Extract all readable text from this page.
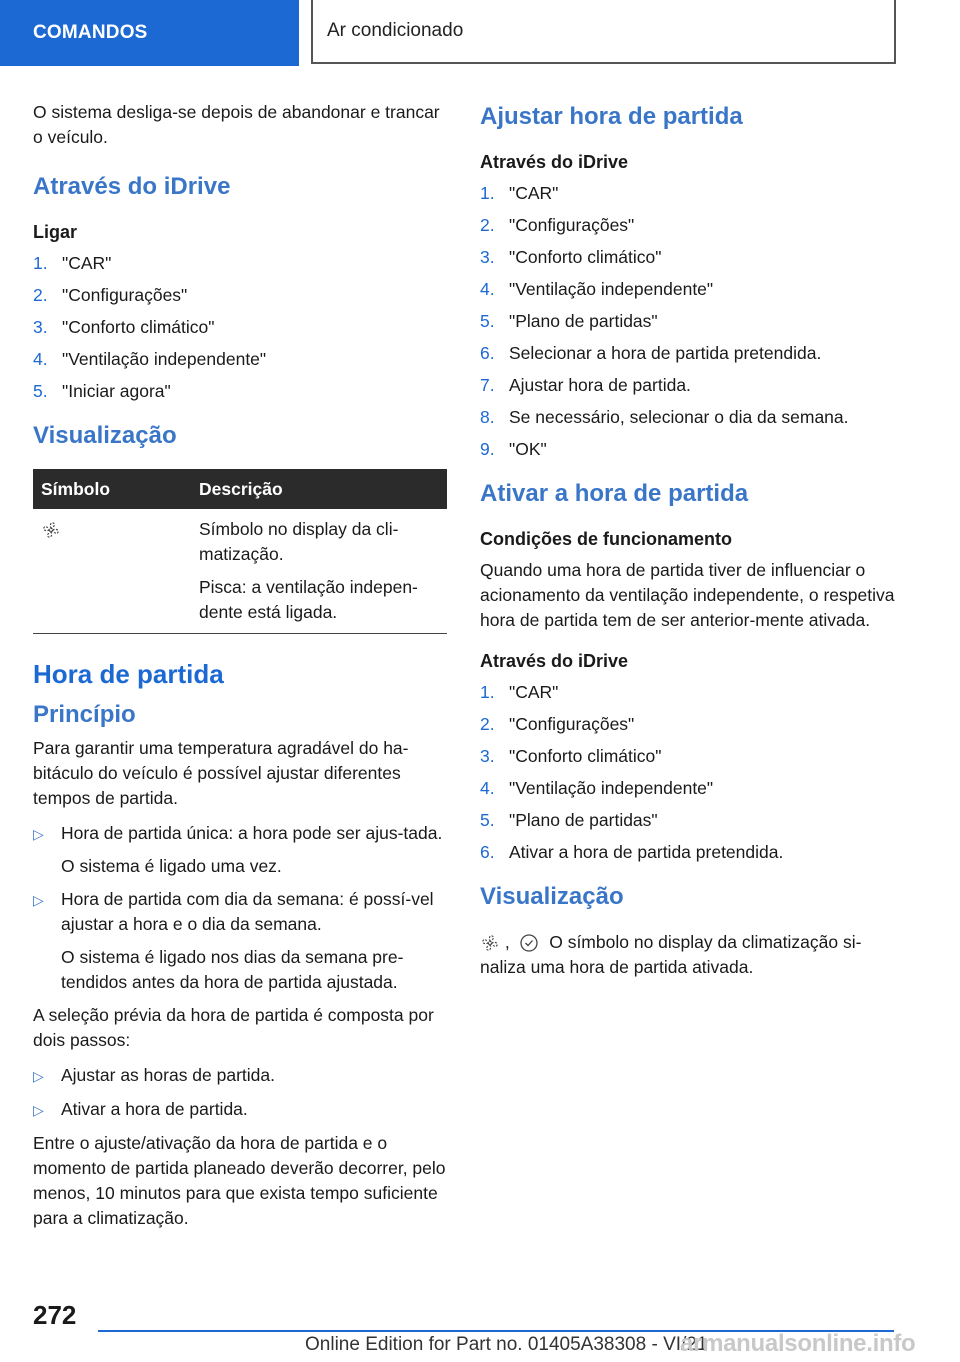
COMANDOS	Ar condicionado

O sistema desliga-se depois de abandonar e trancar o veículo.

Através do iDrive
Ligar
1. "CAR"
2. "Configurações"
3. "Conforto climático"
4. "Ventilação independente"
5. "Iniciar agora"
Visualização
Símbolo	Descrição

Símbolo no display da cli-matização.

Pisca: a ventilação indepen-dente está ligada.

Hora de partida
Princípio

Para garantir uma temperatura agradável do ha-bitáculo do veículo é possível ajustar diferentes tempos de partida.

▷ Hora de partida única: a hora pode ser ajus-tada.
O sistema é ligado uma vez.
▷ Hora de partida com dia da semana: é possí-vel ajustar a hora e o dia da semana.
O sistema é ligado nos dias da semana pre-tendidos antes da hora de partida ajustada.

A seleção prévia da hora de partida é composta por dois passos:

▷ Ajustar as horas de partida.
▷ Ativar a hora de partida.

Entre o ajuste/ativação da hora de partida e o momento de partida planeado deverão decorrer, pelo menos, 10 minutos para que exista tempo suficiente para a climatização.

Ajustar hora de partida
Através do iDrive
1. "CAR"
2. "Configurações"
3. "Conforto climático"
4. "Ventilação independente"
5. "Plano de partidas"
6. Selecionar a hora de partida pretendida.
7. Ajustar hora de partida.
8. Se necessário, selecionar o dia da semana.
9. "OK"
Ativar a hora de partida
Condições de funcionamento

Quando uma hora de partida tiver de influenciar o acionamento da ventilação independente, o respetiva hora de partida tem de ser anterior-mente ativada.

Através do iDrive
1. "CAR"
2. "Configurações"
3. "Conforto climático"
4. "Ventilação independente"
5. "Plano de partidas"
6. Ativar a hora de partida pretendida.
Visualização

, O símbolo no display da climatização si-naliza uma hora de partida ativada.

272
Online Edition for Part no. 01405A38308 - VI/21
armanualsonline.info
